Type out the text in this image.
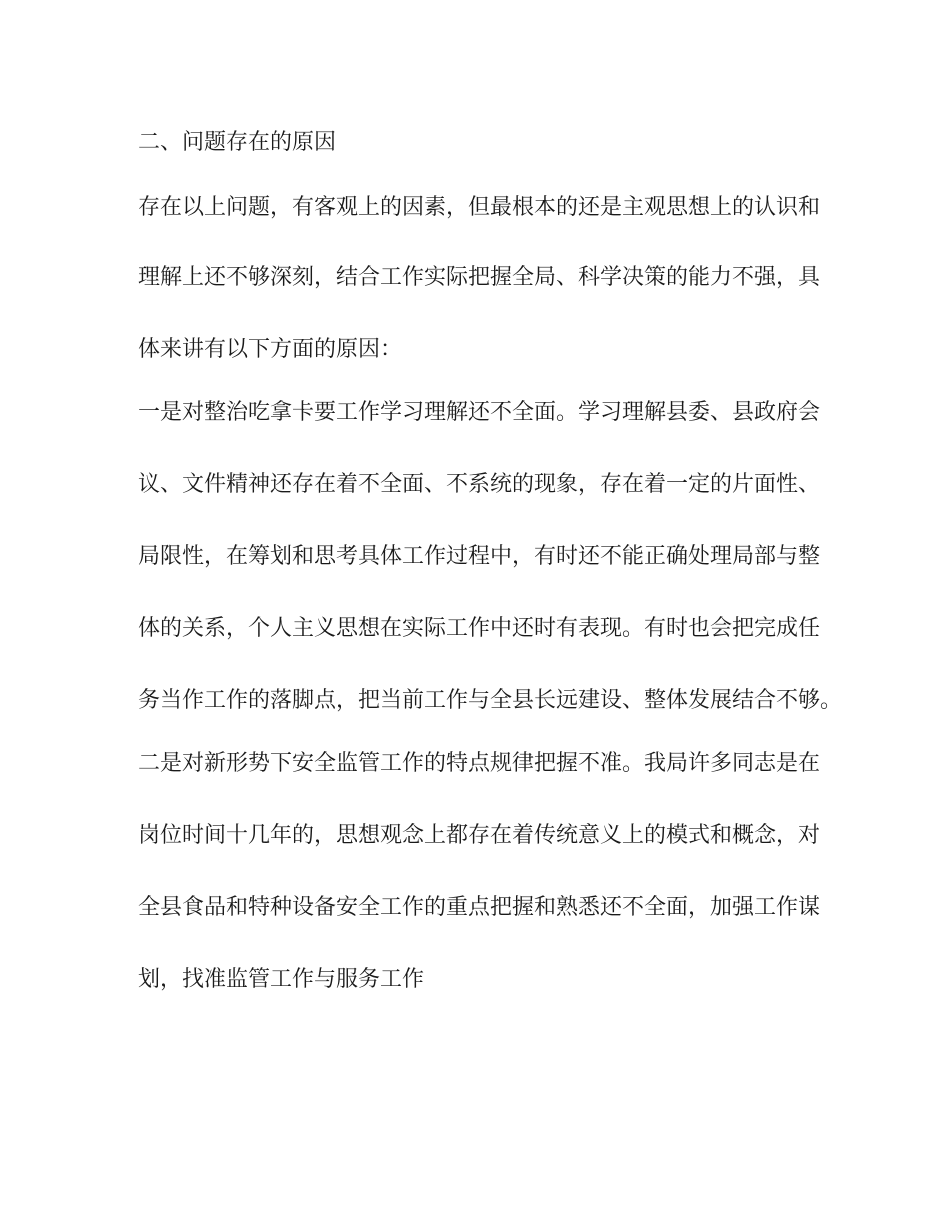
二、问题存在的原因

存在以上问题，有客观上的因素，但最根本的还是主观思想上的认识和

理解上还不够深刻，结合工作实际把握全局、科学决策的能力不强，具

体来讲有以下方面的原因：

一是对整治吃拿卡要工作学习理解还不全面。学习理解县委、县政府会

议、文件精神还存在着不全面、不系统的现象，存在着一定的片面性、

局限性，在筹划和思考具体工作过程中，有时还不能正确处理局部与整

体的关系，个人主义思想在实际工作中还时有表现。有时也会把完成任

务当作工作的落脚点，把当前工作与全县长远建设、整体发展结合不够。

二是对新形势下安全监管工作的特点规律把握不准。我局许多同志是在

岗位时间十几年的，思想观念上都存在着传统意义上的模式和概念，对

全县食品和特种设备安全工作的重点把握和熟悉还不全面，加强工作谋

划，找准监管工作与服务工作
